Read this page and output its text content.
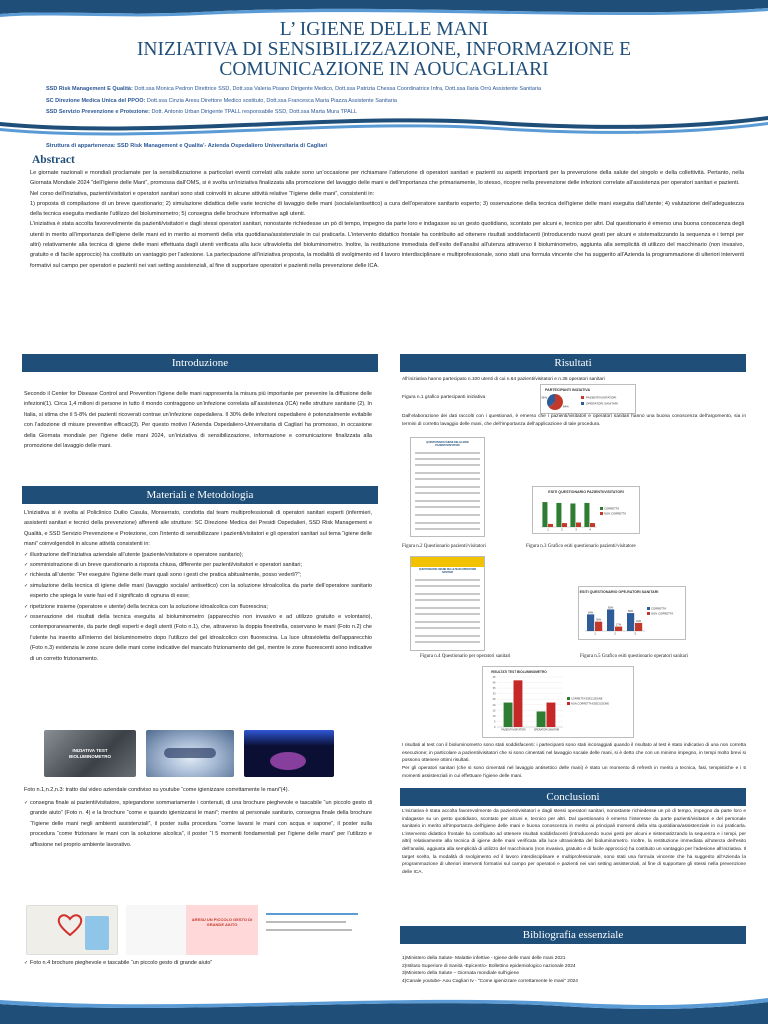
L’ IGIENE DELLE MANI
INIZIATIVA DI SENSIBILIZZAZIONE, INFORMAZIONE E
COMUNICAZIONE IN AOUCAGLIARI
SSD Risk Management E Qualità: Dott.ssa Monica Pedron Direttrice SSD, Dott.ssa Valeria Pisano Dirigente Medico, Dott.ssa Patrizia Chessa Coordinatrice Infra, Dott.ssa Ilaria Orrù Assistente Sanitaria
SC Direzione Medica Unica del PPOO: Dott.ssa Cinzia Aresu Direttore Medico sostituto, Dott.ssa Francesca Maria Piazza Assistente Sanitaria
SSD Servizio Prevenzione e Protezione: Dott. Antonio Urban Dirigente TPALL responsabile SSD, Dott.ssa Marta Mura TPALL
Struttura di appartenenza: SSD Risk Management e Qualita’- Azienda Ospedaliero Universitaria di Cagliari
Abstract

Le giornate nazionali e mondiali proclamate per la sensibilizzazione a particolari eventi correlati alla salute sono un’occasione per richiamare l’attenzione di operatori sanitari e pazienti su aspetti importanti per la prevenzione della salute del singolo e della collettività. Pertanto, nella Giornata Mondiale 2024 “dell’Igiene delle Mani”, promossa dall’OMS, si è svolta un’iniziativa finalizzata alla promozione del lavaggio delle mani e dell’importanza che primariamente, lo stesso, ricopre nella prevenzione delle infezioni correlate all’assistenza per operatori sanitari e pazienti.

Nel corso dell’iniziativa, pazienti/visitatori e operatori sanitari sono stati coinvolti in alcune attività relative “l’igiene delle mani”, consistenti in:

1) proposta di compilazione di un breve questionario; 2) simulazione didattica delle varie tecniche di lavaggio delle mani (sociale/antisettico) a cura dell’operatore sanitario esperto; 3) osservazione della tecnica dell’igiene delle mani eseguita dall’utente; 4) valutazione dell’adeguatezza della tecnica eseguita mediante l’utilizzo del bioluminometro; 5) consegna delle brochure informative agli utenti.

L’iniziativa è stata accolta favorevolmente da pazienti/visitatori e dagli stessi operatori sanitari, nonostante richiedesse un pò di tempo, impegno da parte loro e indagasse su un gesto quotidiano, scontato per alcuni e, tecnico per altri. Dal questionario è emerso una buona conoscenza degli utenti in merito all’importanza dell’igiene delle mani ed in merito ai momenti della vita quotidiana/assistenziale in cui praticarla. L’intervento didattico frontale ha contribuito ad ottenere risultati soddisfacenti (introducendo nuovi gesti per alcuni e sistematizzando la sequenza e i tempi per altri) relativamente alla tecnica di igiene delle mani effettuata dagli utenti verificata alla luce ultravioletta del bioluminometro. Inoltre, la restituzione immediata dell’esito dell’analisi all’utenza attraverso il bioluminometro, aggiunta alla semplicità di utilizzo del macchinario (non invasivo, gratuito e di facile approccio) ha costituito un vantaggio per l’adesione. La partecipazione all’iniziativa proposta, la modalità di svolgimento ed il lavoro interdisciplinare e multiprofessionale, sono stati una formula vincente che ha suggerito all’Azienda la programmazione di ulteriori interventi formativi sul campo per operatori e pazienti nei vari setting assistenziali, al fine di supportare operatori e pazienti nella prevenzione delle ICA.

Introduzione
Secondo il Center for Disease Control and Prevention l’igiene delle mani rappresenta la misura più importante per prevenire la diffusione delle infezioni(1). Circa 1,4 milioni di persone in tutto il mondo contraggono un’infezione correlata all’assistenza (ICA) nelle strutture sanitarie (2). In Italia, si stima che il 5-8% dei pazienti ricoverati contrae un’infezione ospedaliera. Il 30% delle infezioni ospedaliere è potenzialmente evitabile con l’adozione di misure preventive efficaci(3). Per questo motivo l’Azienda Ospedaliero-Universitaria di Cagliari ha promosso, in occasione della Giornata mondiale per l’igiene delle mani 2024, un’iniziativa di sensibilizzazione, informazione e comunicazione finalizzata alla promozione del lavaggio delle mani.
Materiali e Metodologia

L’iniziativa si è svolta al Policlinico Duilio Casula, Monserrato, condotta dal team multiprofessionali di operatori sanitari esperti (infermieri, assistenti sanitari e tecnici della prevenzione) afferenti alle strutture: SC Direzione Medica dei Presidi Ospedalieri, SSD Risk Management e Qualità, e SSD Servizio Prevenzione e Protezione, con l’intento di sensibilizzare i pazienti/visitatori e gli operatori sanitari sul tema “igiene delle mani” coinvolgendoli in alcune attività consistenti in:

✓ illustrazione dell’iniziativa aziendale all’utente (paziente/visitatore e operatore sanitario);
✓ somministrazione di un breve questionario a risposta chiusa, differente per pazienti/visitatori e operatori sanitari;
✓ richiesta all’utente: “Per eseguire l’igiene delle mani quali sono i gesti che pratica abitualmente, posso vederli?”;
✓ simulazione della tecnica di igiene delle mani (lavaggio sociale/ antisettico) con la soluzione idroalcolica da parte dell’operatore sanitario esperto che spiega le varie fasi ed il significato di ognuna di esse;
✓ ripetizione insieme (operatore e utente) della tecnica con la soluzione idroalcolica con fluorescina;
✓ osservazione dei risultati della tecnica eseguita al bioluminometro (apparecchio non invasivo e ad utilizzo gratuito e volontario), contemporaneamente, da parte degli esperti e degli utenti (Foto n.1), che, attraverso la doppia finestrella, osservano le mani (Foto n.2) che l’utente ha inserito all’interno del bioluminometro dopo l’utilizzo del gel idroalcolico con fluorescina. La luce ultravioletta dell’apparecchio (Foto n.3) evidenzia le zone scure delle mani come indicative del mancato frizionamento del gel, mentre le zone fluorescenti sono indicative di un corretto frizionamento.
INIZIATIVA TEST BIOLUMINOMETRO
Foto n.1,n.2,n.3: tratto dal video aziendale condiviso su youtube “come igienizzare correttamente le mani”(4).
✓ consegna finale ai pazienti/visitatore, spiegandone sommariamente i contenuti, di una brochure pieghevole e tascabile “un piccolo gesto di grande aiuto” (Foto n. 4) e la brochure “come e quando igienizzarsi le mani”; mentre al personale sanitario, consegna finale della brochure “l’igiene delle mani negli ambienti assistenziali”, il poster sulla procedura “come lavarsi le mani con acqua e sapone”, il poster sulla procedura “come frizionare le mani con la soluzione alcolica”, il poster “I 5 momenti fondamentali per l’igiene delle mani” per l’utilizzo e affissione nel proprio ambiente lavorativo.
ARESU UN PICCOLO GESTO DI GRANDE AIUTO
✓ Foto n.4 brochure pieghevole e tascabile “un piccolo gesto di grande aiuto”
Risultati
All’iniziativa hanno partecipato n.100 utenti di cui n.64 pazienti/visitatori e n.36 operatori sanitari
PARTECIPANTI INIZIATIVA
64%
36%	PAZIENTI/VISITATORI
OPERATORI SANITARI
Figura n.1 grafico partecipanti iniziativa
Dall’elaborazione dei dati raccolti con i questionari, è emerso che i pazienti/visitatori e operatori sanitari hanno una buona conoscenza dell’argomento, sia in termini di corretto lavaggio delle mani, che dell’importanza dell’applicazione di tale procedura.
QUESTIONARIO IGIENE DELLE MANI PAZIENTI/VISITATORI
ESITI QUESTIONARIO PAZIENTI/VISITATORI
1	2	3	4
CORRETTA
NON CORRETTA
Figura n.2 Questionario pazienti/visitatori	Figura n.3 Grafico esiti questionario pazienti/visitatore
QUESTIONARIO IGIENE DELLE MANI OPERATORI SANITARI
ESITI QUESTIONARIO OPE-RATORI SANITARI
64%
36%
1
83%
17%
2
69%
31%
3
CORRETTA
NON CORRETTA
Figura n.4 Questionario per operatori sanitari	Figura n.5 Grafico esiti questionario operatori sanitari
RISULTATI TEST BIOLUMINOMETRO
0
5
10
15
20
25
30
35
40
45
PAZIENTI/VISITATORI	OPERATORI SANITARI
CORRETTA ESECUZIONE
NON CORRETTA ESECUZIONE
I risultati al test con il bioluminometro sono stati soddisfacenti: i partecipanti sono stati incoraggiati quando il risultato al test è stato indicativo di una non corretta esecuzione; in particolare a pazienti/visitatori che si sono cimentati nel lavaggio sociale delle mani, si è detto che con un minimo impegno, in tempi molto brevi si possono ottenere ottimi risultati.
Per gli operatori sanitari (che si sono cimentati nel lavaggio antisettico delle mani) è stato un momento di refresh in merito a tecnica, fasi, tempistiche e i 5 momenti assistenziali in cui effettuare l’igiene delle mani.
Conclusioni
L’iniziativa è stata accolta favorevolmente da pazienti/visitatori e dagli stessi operatori sanitari, nonostante richiedesse un pò di tempo, impegno da parte loro e indagasse su un gesto quotidiano, scontato per alcuni e, tecnico per altri. Dal questionario è emerso l’interesse da parte pazienti/visitatori e del personale sanitario in merito all’importanza dell’igiene delle mani e buona conoscenza in merito ai principali momenti della vita quotidiana/assistenziale in cui praticarla. L’intervento didattico frontale ha contribuito ad ottenere risultati soddisfacenti (introducendo nuovi gesti per alcuni e sistematizzando la sequenza e i tempi, per altri) relativamente alla tecnica di igiene delle mani verificata alla luce ultravioletta del bioluminometro. Inoltre, la restituzione immediata all’utenza dell’esito dell’analisi, aggiunta alla semplicità di utilizzo del macchinario (non invasivo, gratuito e di facile approccio) ha costituito un vantaggio per l’adesione all’iniziativa. Il target scelto, la modalità di svolgimento ed il lavoro interdisciplinare e multiprofessionale, sono stati una formula vincente che ha suggerito all’Azienda la programmazione di ulteriori interventi formativi sul campo per operatori e pazienti nei vari setting assistenziali, al fine di supportare gli stessi nella prevenzione delle ICA.
Bibliografia essenziale
1)Ministero della Salute- Malattie infettive - Igiene delle mani delle mani 2021
2)Istituto Superiore di Sanità -Epicentro- Bollettino epidemiologico nazionale 2024
3)Ministero della Salute – Giornata mondiale sull’igiene
4)Canale youtube- Aou Cagliari tv - “Come igienizzare correttamente le mani” 2024
